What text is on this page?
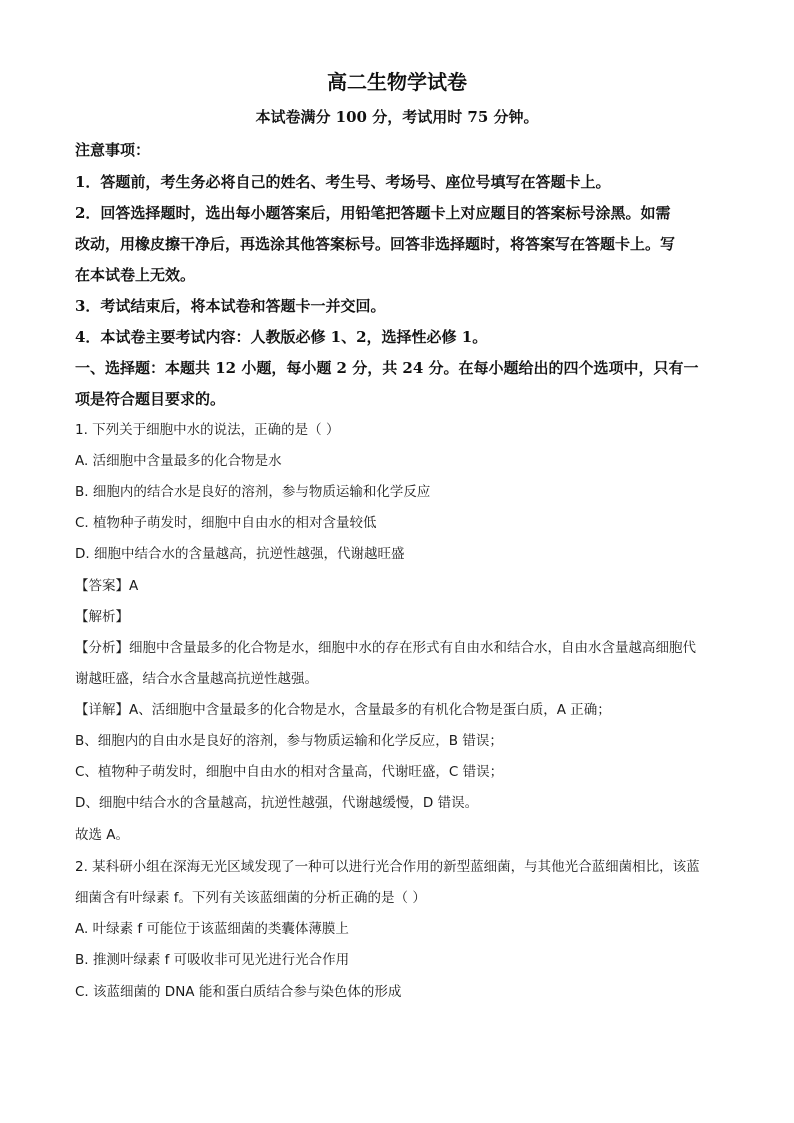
高二生物学试卷
本试卷满分 100 分，考试用时 75 分钟。
注意事项：
1．答题前，考生务必将自己的姓名、考生号、考场号、座位号填写在答题卡上。
2．回答选择题时，选出每小题答案后，用铅笔把答题卡上对应题目的答案标号涂黑。如需
改动，用橡皮擦干净后，再选涂其他答案标号。回答非选择题时，将答案写在答题卡上。写
在本试卷上无效。
3．考试结束后，将本试卷和答题卡一并交回。
4．本试卷主要考试内容：人教版必修 1、2，选择性必修 1。
一、选择题：本题共 12 小题，每小题 2 分，共 24 分。在每小题给出的四个选项中，只有一
项是符合题目要求的。
1. 下列关于细胞中水的说法，正确的是（ ）
A. 活细胞中含量最多的化合物是水
B. 细胞内的结合水是良好的溶剂，参与物质运输和化学反应
C. 植物种子萌发时，细胞中自由水的相对含量较低
D. 细胞中结合水的含量越高，抗逆性越强，代谢越旺盛
【答案】A
【解析】
【分析】细胞中含量最多的化合物是水，细胞中水的存在形式有自由水和结合水，自由水含量越高细胞代
谢越旺盛，结合水含量越高抗逆性越强。
【详解】A、活细胞中含量最多的化合物是水，含量最多的有机化合物是蛋白质，A 正确；
B、细胞内的自由水是良好的溶剂，参与物质运输和化学反应，B 错误；
C、植物种子萌发时，细胞中自由水的相对含量高，代谢旺盛，C 错误；
D、细胞中结合水的含量越高，抗逆性越强，代谢越缓慢，D 错误。
故选 A。
2. 某科研小组在深海无光区域发现了一种可以进行光合作用的新型蓝细菌，与其他光合蓝细菌相比，该蓝
细菌含有叶绿素 f。下列有关该蓝细菌的分析正确的是（ ）
A. 叶绿素 f 可能位于该蓝细菌的类囊体薄膜上
B. 推测叶绿素 f 可吸收非可见光进行光合作用
C. 该蓝细菌的 DNA 能和蛋白质结合参与染色体的形成
